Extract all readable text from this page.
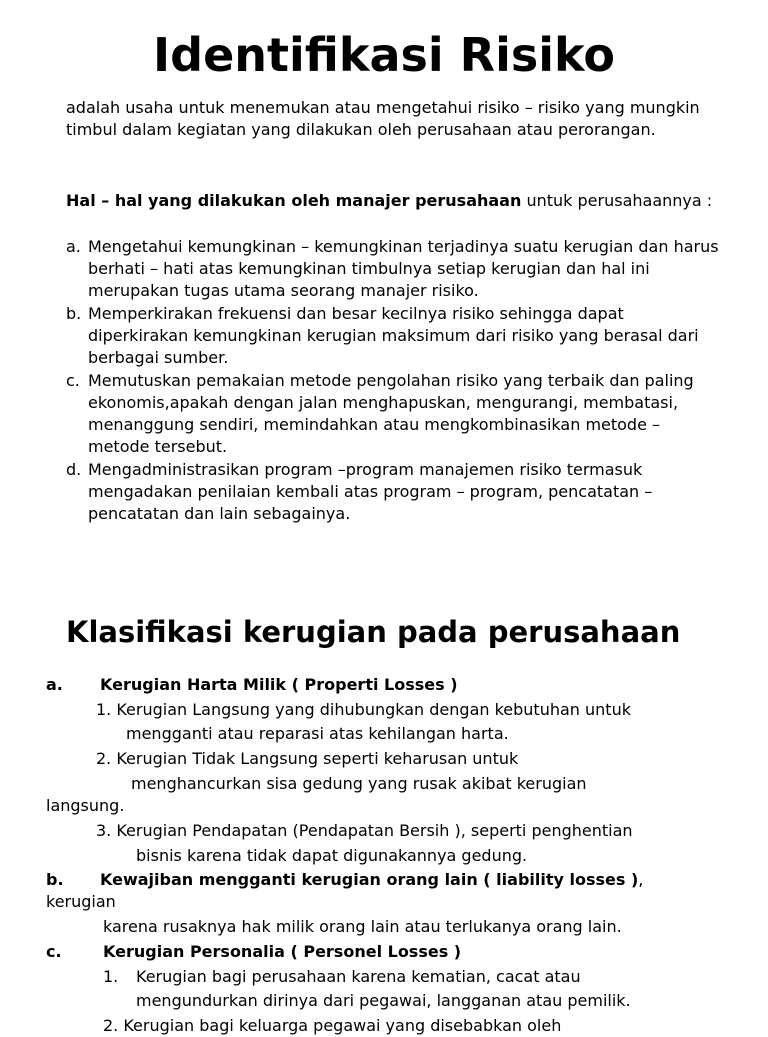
Identifikasi Risiko

adalah usaha untuk menemukan atau mengetahui risiko – risiko yang mungkin timbul dalam kegiatan yang dilakukan oleh perusahaan atau perorangan.

Hal – hal yang dilakukan oleh manajer perusahaan untuk perusahaannya :

a. Mengetahui kemungkinan – kemungkinan terjadinya suatu kerugian dan harus berhati – hati atas kemungkinan timbulnya setiap kerugian dan hal ini merupakan tugas utama seorang manajer risiko.
b. Memperkirakan frekuensi dan besar kecilnya risiko sehingga dapat diperkirakan kemungkinan kerugian maksimum dari risiko yang berasal dari berbagai sumber.
c. Memutuskan pemakaian metode pengolahan risiko yang terbaik dan paling ekonomis,apakah dengan jalan menghapuskan, mengurangi, membatasi, menanggung sendiri, memindahkan atau mengkombinasikan metode – metode tersebut.
d. Mengadministrasikan program –program manajemen risiko termasuk mengadakan penilaian kembali atas program – program, pencatatan – pencatatan dan lain sebagainya.
Klasifikasi kerugian pada perusahaan
a. Kerugian Harta Milik ( Properti Losses )
1. Kerugian Langsung yang dihubungkan dengan kebutuhan untuk
mengganti atau reparasi atas kehilangan harta.
2. Kerugian Tidak Langsung seperti keharusan untuk
menghancurkan sisa gedung yang rusak akibat kerugian
langsung.
3. Kerugian Pendapatan (Pendapatan Bersih ), seperti penghentian
bisnis karena tidak dapat digunakannya gedung.
b. Kewajiban mengganti kerugian orang lain ( liability losses ),
kerugian
karena rusaknya hak milik orang lain atau terlukanya orang lain.
c.	Kerugian Personalia ( Personel Losses )
1. Kerugian bagi perusahaan karena kematian, cacat atau
mengundurkan dirinya dari pegawai, langganan atau pemilik.
2. Kerugian bagi keluarga pegawai yang disebabkan oleh
